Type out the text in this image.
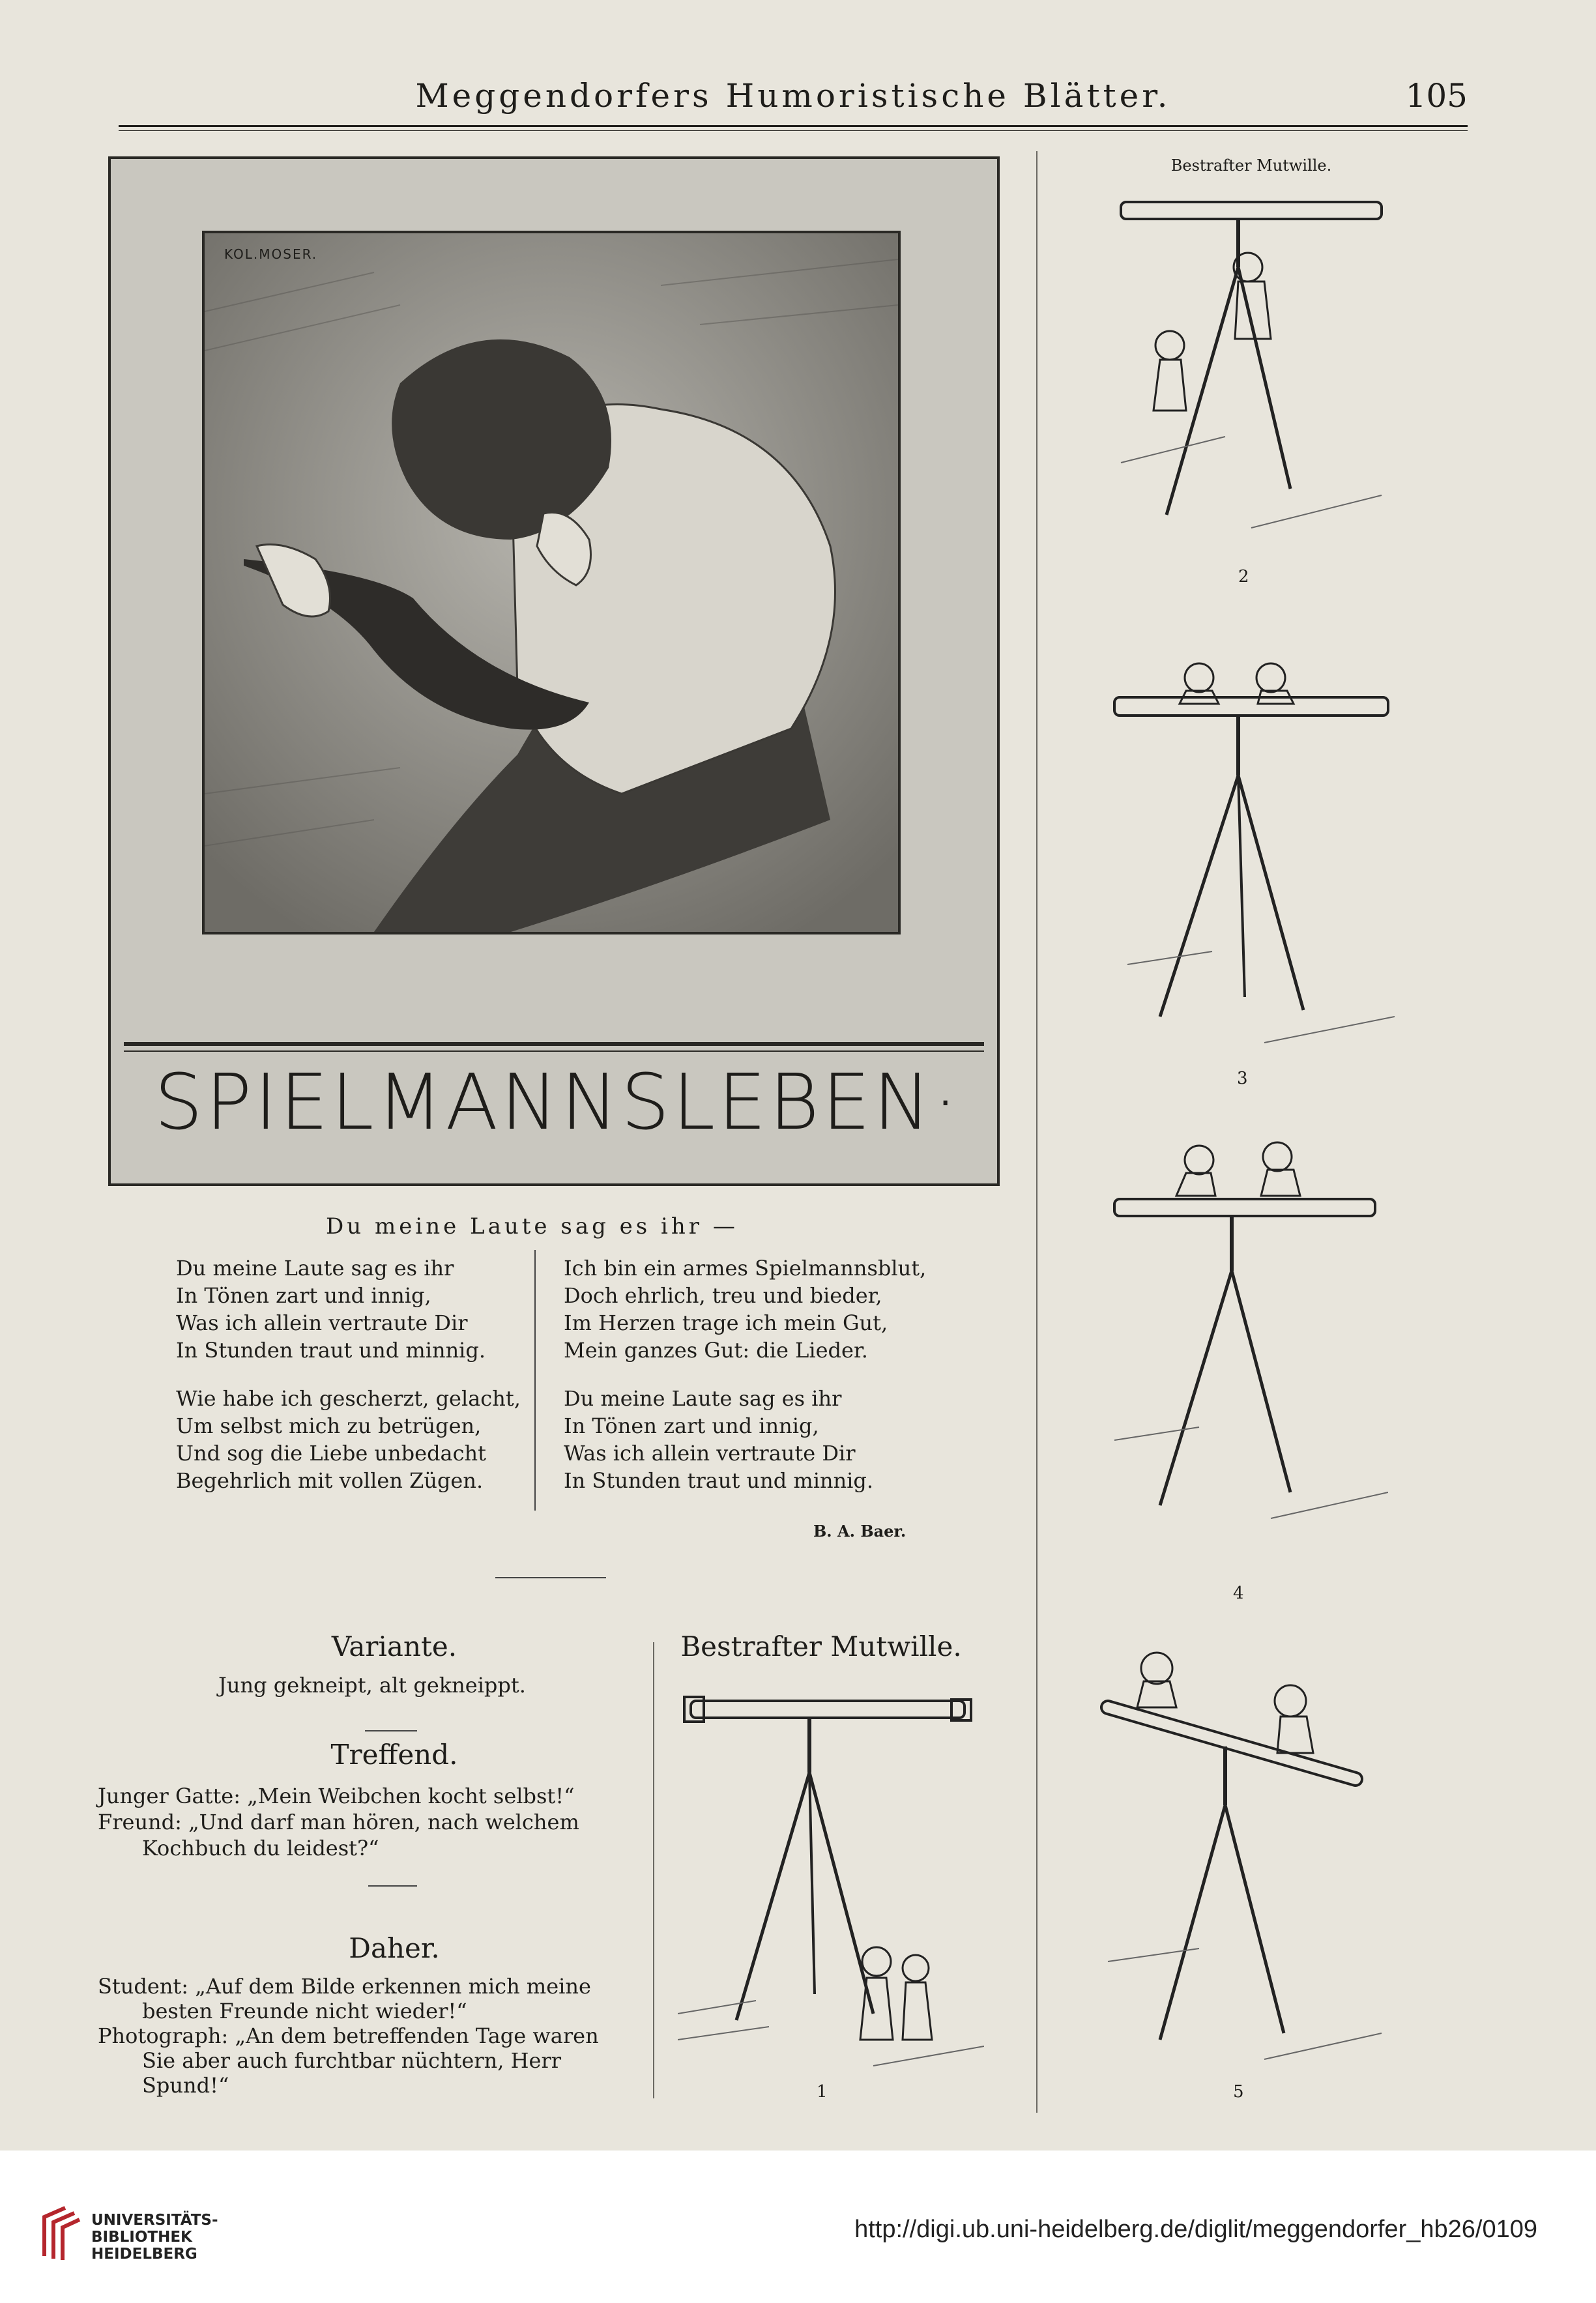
Meggendorfers Humoristische Blätter.	105
KOL.MOSER.
SPIELMANNSLEBEN·
Du meine Laute sag es ihr —
Du meine Laute sag es ihr
In Tönen zart und innig,
Was ich allein vertraute Dir
In Stunden traut und minnig.
Wie habe ich gescherzt, gelacht,
Um selbst mich zu betrügen,
Und sog die Liebe unbedacht
Begehrlich mit vollen Zügen.
Ich bin ein armes Spielmannsblut,
Doch ehrlich, treu und bieder,
Im Herzen trage ich mein Gut,
Mein ganzes Gut: die Lieder.
Du meine Laute sag es ihr
In Tönen zart und innig,
Was ich allein vertraute Dir
In Stunden traut und minnig.
B. A. Baer.
Variante.
Jung gekneipt, alt gekneippt.
Treffend.
Junger Gatte: „Mein Weibchen kocht selbst!“
Freund: „Und darf man hören, nach welchem
Kochbuch du leidest?“
Daher.
Student: „Auf dem Bilde erkennen mich meine
besten Freunde nicht wieder!“
Photograph: „An dem betreffenden Tage waren
Sie aber auch furchtbar nüchtern, Herr
Spund!“
Bestrafter Mutwille.
1
Bestrafter Mutwille.
2
3
4
5
UNIVERSITÄTS-
BIBLIOTHEK
HEIDELBERG
http://digi.ub.uni-heidelberg.de/diglit/meggendorfer_hb26/0109
